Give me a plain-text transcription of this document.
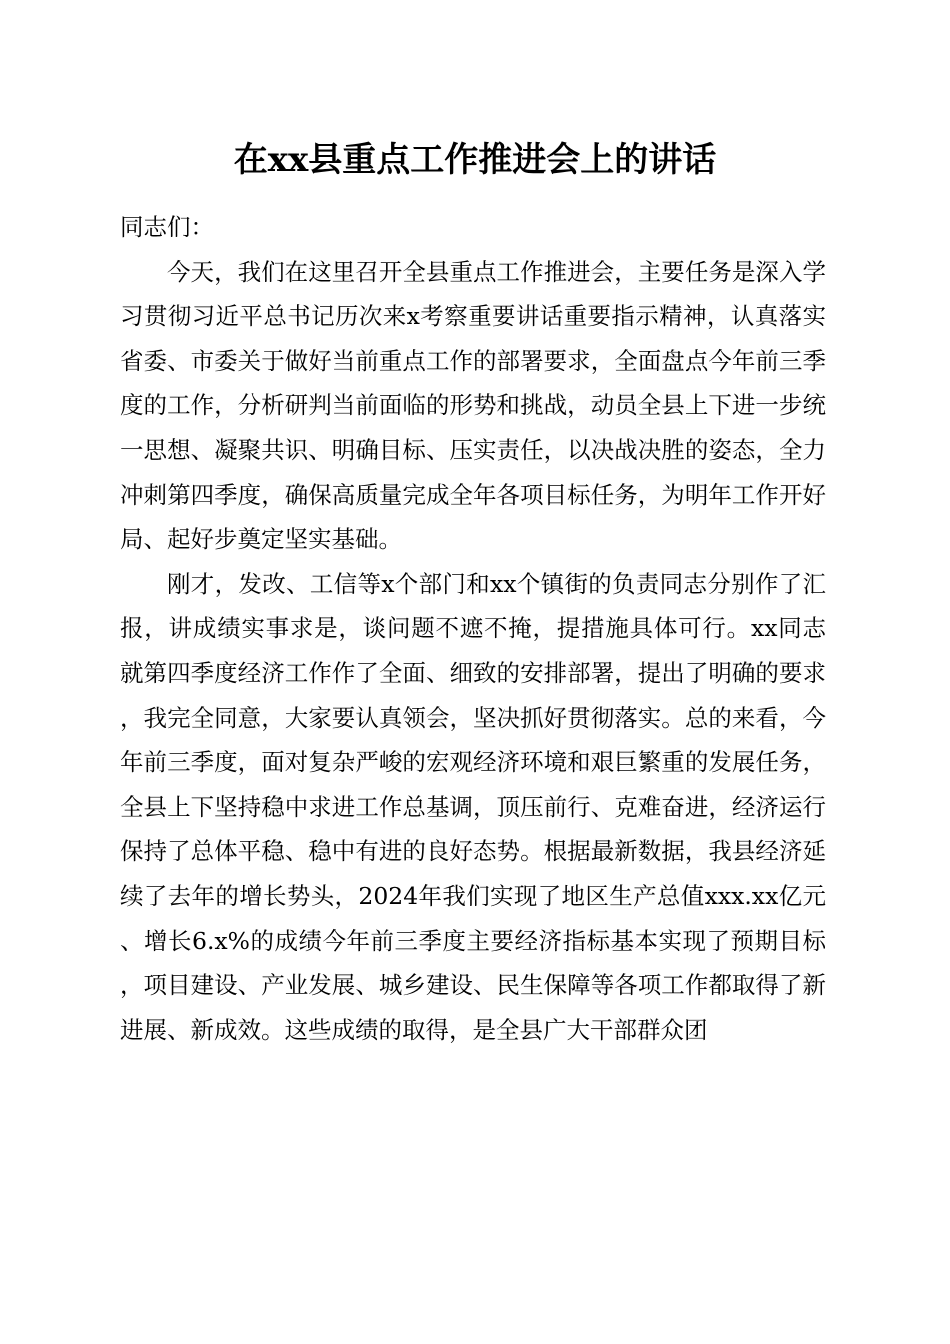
在xx县重点工作推进会上的讲话

同志们：

今天，我们在这里召开全县重点工作推进会，主要任务是深入学习贯彻习近平总书记历次来x考察重要讲话重要指示精神，认真落实省委、市委关于做好当前重点工作的部署要求，全面盘点今年前三季度的工作，分析研判当前面临的形势和挑战，动员全县上下进一步统一思想、凝聚共识、明确目标、压实责任，以决战决胜的姿态，全力冲刺第四季度，确保高质量完成全年各项目标任务，为明年工作开好局、起好步奠定坚实基础。

刚才，发改、工信等x个部门和xx个镇街的负责同志分别作了汇报，讲成绩实事求是，谈问题不遮不掩，提措施具体可行。xx同志就第四季度经济工作作了全面、细致的安排部署，提出了明确的要求，我完全同意，大家要认真领会，坚决抓好贯彻落实。总的来看，今年前三季度，面对复杂严峻的宏观经济环境和艰巨繁重的发展任务，全县上下坚持稳中求进工作总基调，顶压前行、克难奋进，经济运行保持了总体平稳、稳中有进的良好态势。根据最新数据，我县经济延续了去年的增长势头，2024年我们实现了地区生产总值xxx.xx亿元、增长6.x%的成绩今年前三季度主要经济指标基本实现了预期目标，项目建设、产业发展、城乡建设、民生保障等各项工作都取得了新进展、新成效。这些成绩的取得，是全县广大干部群众团
